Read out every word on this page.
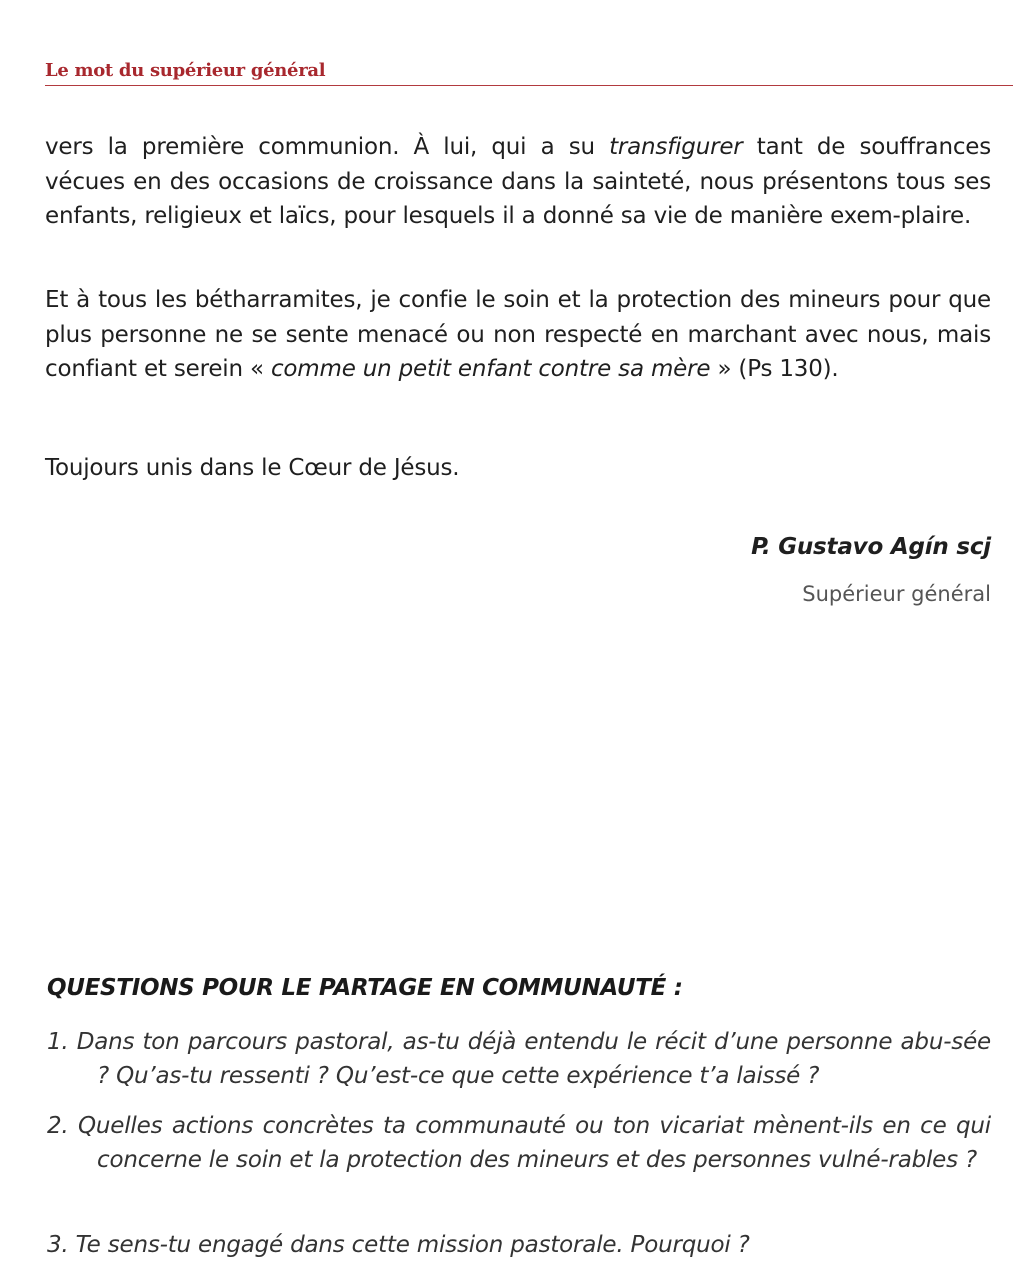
Le mot du supérieur général

vers la première communion. À lui, qui a su transfigurer tant de souffrances vécues en des occasions de croissance dans la sainteté, nous présentons tous ses enfants, religieux et laïcs, pour lesquels il a donné sa vie de manière exem-plaire.

Et à tous les bétharramites, je confie le soin et la protection des mineurs pour que plus personne ne se sente menacé ou non respecté en marchant avec nous, mais confiant et serein « comme un petit enfant contre sa mère » (Ps 130).

Toujours unis dans le Cœur de Jésus.

P. Gustavo Agín scj
Supérieur général
QUESTIONS POUR LE PARTAGE EN COMMUNAUTÉ :
1. Dans ton parcours pastoral, as-tu déjà entendu le récit d’une personne abu-sée ? Qu’as-tu ressenti ? Qu’est-ce que cette expérience t’a laissé ?
2. Quelles actions concrètes ta communauté ou ton vicariat mènent-ils en ce qui concerne le soin et la protection des mineurs et des personnes vulné-rables ?
3. Te sens-tu engagé dans cette mission pastorale. Pourquoi ?
